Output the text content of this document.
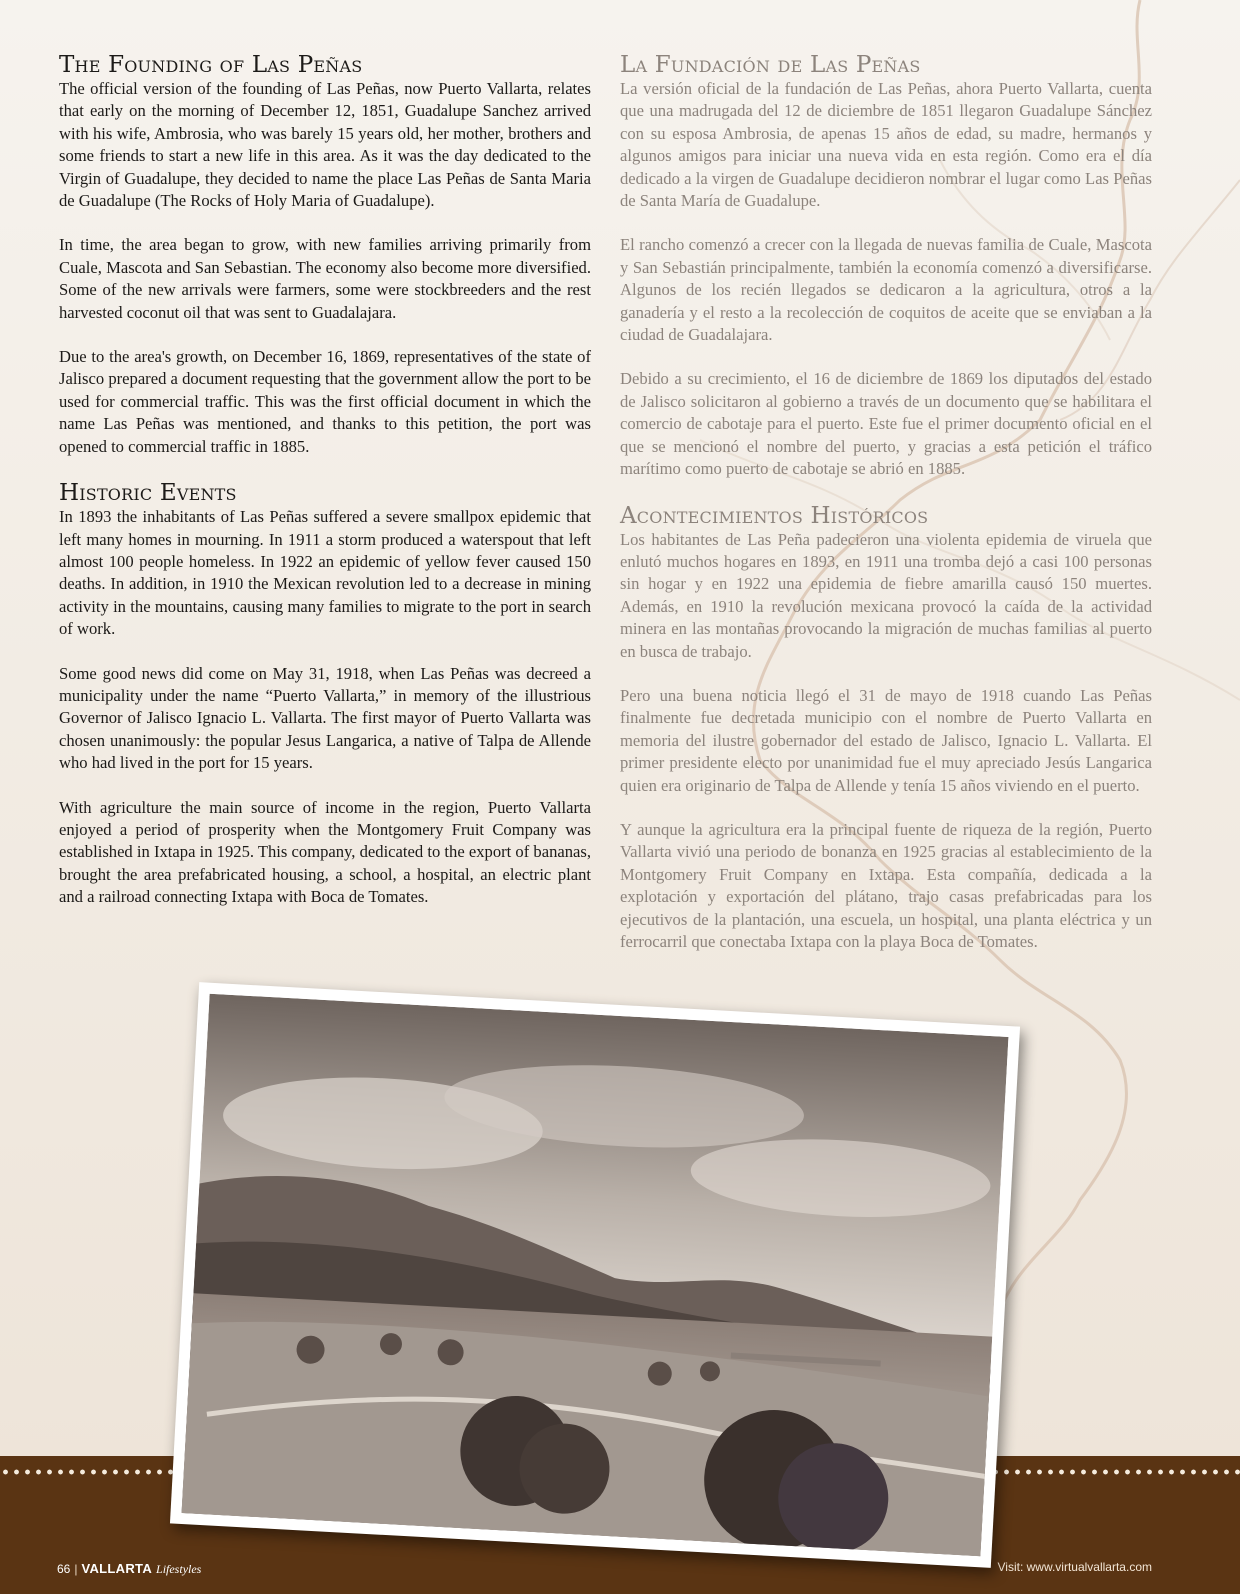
The Founding of Las Peñas

The official version of the founding of Las Peñas, now Puerto Vallarta, relates that early on the morning of December 12, 1851, Guadalupe Sanchez arrived with his wife, Ambrosia, who was barely 15 years old, her mother, brothers and some friends to start a new life in this area. As it was the day dedicated to the Virgin of Guadalupe, they decided to name the place Las Peñas de Santa Maria de Guadalupe (The Rocks of Holy Maria of Guadalupe).

In time, the area began to grow, with new families arriving primarily from Cuale, Mascota and San Sebastian. The economy also become more diversified. Some of the new arrivals were farmers, some were stockbreeders and the rest harvested coconut oil that was sent to Guadalajara.

Due to the area's growth, on December 16, 1869, representatives of the state of Jalisco prepared a document requesting that the government allow the port to be used for commercial traffic. This was the first official document in which the name Las Peñas was mentioned, and thanks to this petition, the port was opened to commercial traffic in 1885.

Historic Events

In 1893 the inhabitants of Las Peñas suffered a severe smallpox epidemic that left many homes in mourning. In 1911 a storm produced a waterspout that left almost 100 people homeless. In 1922 an epidemic of yellow fever caused 150 deaths. In addition, in 1910 the Mexican revolution led to a decrease in mining activity in the mountains, causing many families to migrate to the port in search of work.

Some good news did come on May 31, 1918, when Las Peñas was decreed a municipality under the name “Puerto Vallarta,” in memory of the illustrious Governor of Jalisco Ignacio L. Vallarta. The first mayor of Puerto Vallarta was chosen unanimously: the popular Jesus Langarica, a native of Talpa de Allende who had lived in the port for 15 years.

With agriculture the main source of income in the region, Puerto Vallarta enjoyed a period of prosperity when the Montgomery Fruit Company was established in Ixtapa in 1925. This company, dedicated to the export of bananas, brought the area prefabricated housing, a school, a hospital, an electric plant and a railroad connecting Ixtapa with Boca de Tomates.

La Fundación de Las Peñas

La versión oficial de la fundación de Las Peñas, ahora Puerto Vallarta, cuenta que una madrugada del 12 de diciembre de 1851 llegaron Guadalupe Sánchez con su esposa Ambrosia, de apenas 15 años de edad, su madre, hermanos y algunos amigos para iniciar una nueva vida en esta región. Como era el día dedicado a la virgen de Guadalupe decidieron nombrar el lugar como Las Peñas de Santa María de Guadalupe.

El rancho comenzó a crecer con la llegada de nuevas familia de Cuale, Mascota y San Sebastián principalmente, también la economía comenzó a diversificarse. Algunos de los recién llegados se dedicaron a la agricultura, otros a la ganadería y el resto a la recolección de coquitos de aceite que se enviaban a la ciudad de Guadalajara.

Debido a su crecimiento, el 16 de diciembre de 1869 los diputados del estado de Jalisco solicitaron al gobierno a través de un documento que se habilitara el comercio de cabotaje para el puerto. Este fue el primer documento oficial en el que se mencionó el nombre del puerto, y gracias a esta petición el tráfico marítimo como puerto de cabotaje se abrió en 1885.

Acontecimientos Históricos

Los habitantes de Las Peña padecieron una violenta epidemia de viruela que enlutó muchos hogares en 1893, en 1911 una tromba dejó a casi 100 personas sin hogar y en 1922 una epidemia de fiebre amarilla causó 150 muertes. Además, en 1910 la revolución mexicana provocó la caída de la actividad minera en las montañas provocando la migración de muchas familias al puerto en busca de trabajo.

Pero una buena noticia llegó el 31 de mayo de 1918 cuando Las Peñas finalmente fue decretada municipio con el nombre de Puerto Vallarta en memoria del ilustre gobernador del estado de Jalisco, Ignacio L. Vallarta. El primer presidente electo por unanimidad fue el muy apreciado Jesús Langarica quien era originario de Talpa de Allende y tenía 15 años viviendo en el puerto.

Y aunque la agricultura era la principal fuente de riqueza de la región, Puerto Vallarta vivió una periodo de bonanza en 1925 gracias al establecimiento de la Montgomery Fruit Company en Ixtapa. Esta compañía, dedicada a la explotación y exportación del plátano, trajo casas prefabricadas para los ejecutivos de la plantación, una escuela, un hospital, una planta eléctrica y un ferrocarril que conectaba Ixtapa con la playa Boca de Tomates.

66 | VALLARTA Lifestyles	Visit: www.virtualvallarta.com
